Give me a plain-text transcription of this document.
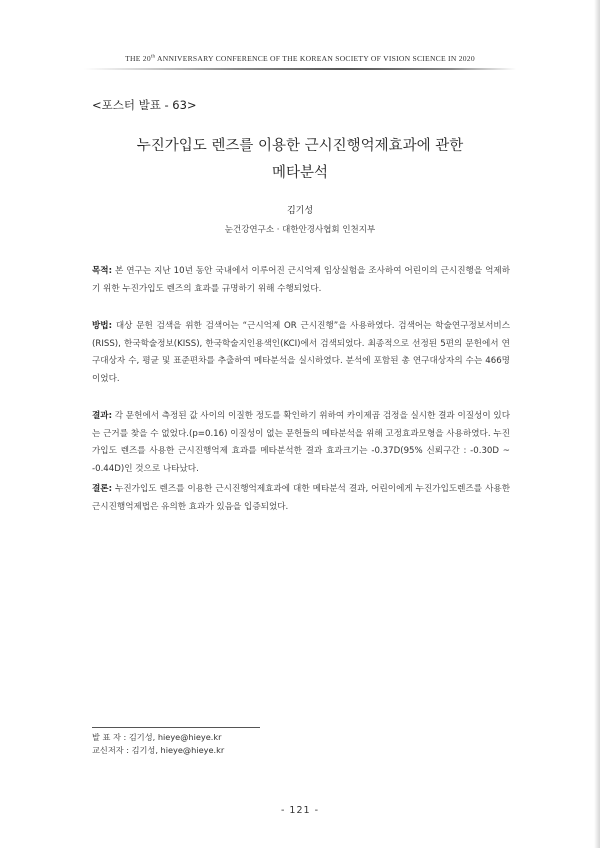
THE 20th ANNIVERSARY CONFERENCE OF THE KOREAN SOCIETY OF VISION SCIENCE IN 2020
<포스터 발표 - 63>
누진가입도 렌즈를 이용한 근시진행억제효과에 관한
메타분석
김기성
눈건강연구소 · 대한안경사협회 인천지부
목적: 본 연구는 지난 10년 동안 국내에서 이루어진 근시억제 임상실험을 조사하여 어린이의 근시진행을 억제하기 위한 누진가입도 렌즈의 효과를 규명하기 위해 수행되었다.
방법: 대상 문헌 검색을 위한 검색어는 “근시억제 OR 근시진행”을 사용하였다. 검색어는 학술연구정보서비스(RISS), 한국학술정보(KISS), 한국학술지인용색인(KCI)에서 검색되었다. 최종적으로 선정된 5편의 문헌에서 연구대상자 수, 평균 및 표준편차를 추출하여 메타분석을 실시하였다. 분석에 포함된 총 연구대상자의 수는 466명이었다.
결과: 각 문헌에서 측정된 값 사이의 이질한 정도를 확인하기 위하여 카이제곱 검정을 실시한 결과 이질성이 있다는 근거를 찾을 수 없었다.(p=0.16) 이질성이 없는 문헌들의 메타분석을 위해 고정효과모형을 사용하였다. 누진가입도 렌즈를 사용한 근시진행억제 효과를 메타분석한 결과 효과크기는 -0.37D(95% 신뢰구간 : -0.30D ~ -0.44D)인 것으로 나타났다.
결론: 누진가입도 렌즈를 이용한 근시진행억제효과에 대한 메타분석 결과, 어린이에게 누진가입도렌즈를 사용한 근시진행억제법은 유의한 효과가 있음을 입증되었다.
발 표 자 : 김기성, hieye@hieye.kr
교신저자 : 김기성, hieye@hieye.kr
- 121 -
